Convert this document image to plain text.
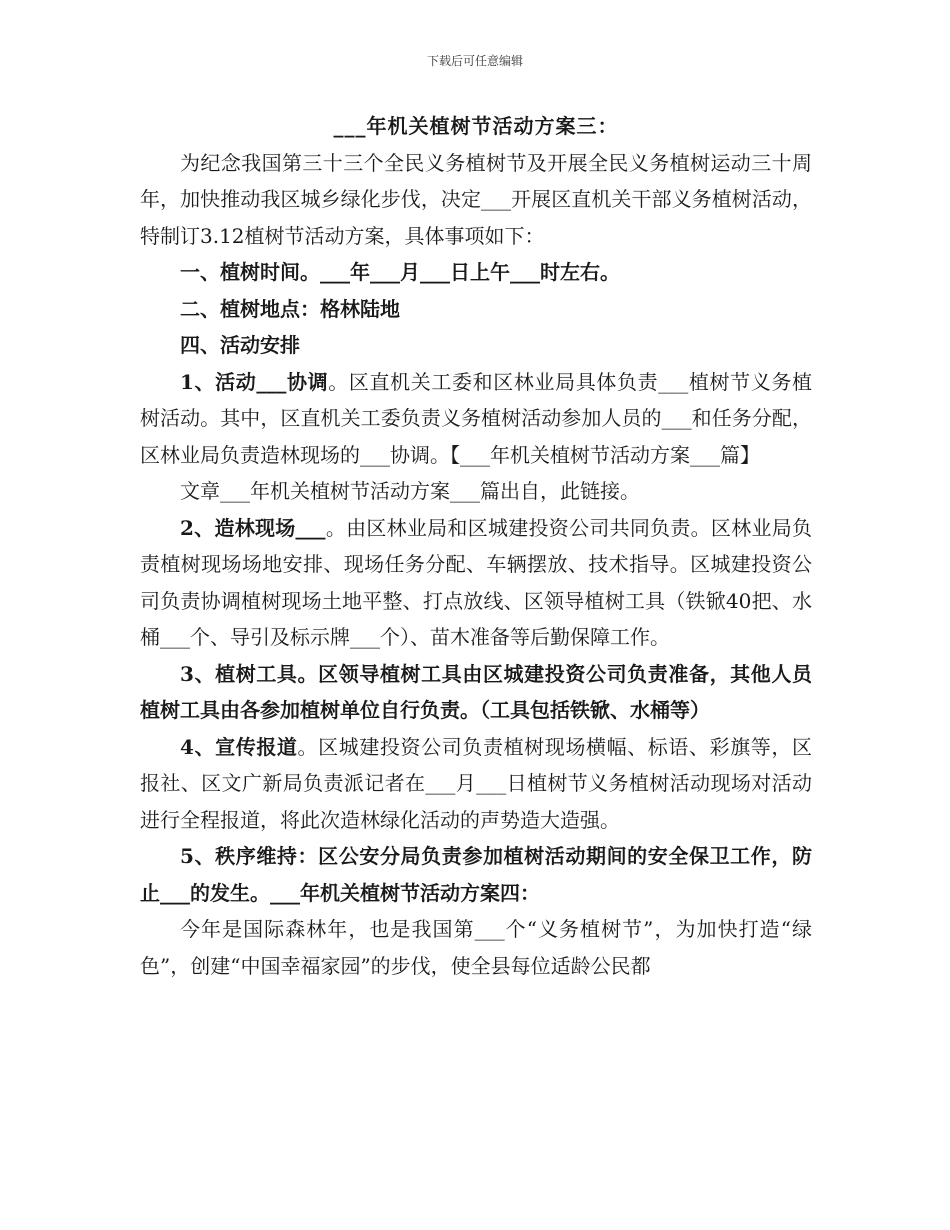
下载后可任意编辑

___年机关植树节活动方案三：

为纪念我国第三十三个全民义务植树节及开展全民义务植树运动三十周年，加快推动我区城乡绿化步伐，决定___开展区直机关干部义务植树活动，特制订3.12植树节活动方案，具体事项如下：

一、植树时间。___年___月___日上午___时左右。

二、植树地点：格林陆地

四、活动安排

1、活动___协调。区直机关工委和区林业局具体负责___植树节义务植树活动。其中，区直机关工委负责义务植树活动参加人员的___和任务分配，区林业局负责造林现场的___协调。【___年机关植树节活动方案___篇】

文章___年机关植树节活动方案___篇出自，此链接。

2、造林现场___。由区林业局和区城建投资公司共同负责。区林业局负责植树现场场地安排、现场任务分配、车辆摆放、技术指导。区城建投资公司负责协调植树现场土地平整、打点放线、区领导植树工具（铁锨40把、水桶___个、导引及标示牌___个）、苗木准备等后勤保障工作。

3、植树工具。区领导植树工具由区城建投资公司负责准备，其他人员植树工具由各参加植树单位自行负责。（工具包括铁锨、水桶等）

4、宣传报道。区城建投资公司负责植树现场横幅、标语、彩旗等，区报社、区文广新局负责派记者在___月___日植树节义务植树活动现场对活动进行全程报道，将此次造林绿化活动的声势造大造强。

5、秩序维持：区公安分局负责参加植树活动期间的安全保卫工作，防止___的发生。___年机关植树节活动方案四：

今年是国际森林年，也是我国第___个“义务植树节”，为加快打造“绿色”，创建“中国幸福家园”的步伐，使全县每位适龄公民都
